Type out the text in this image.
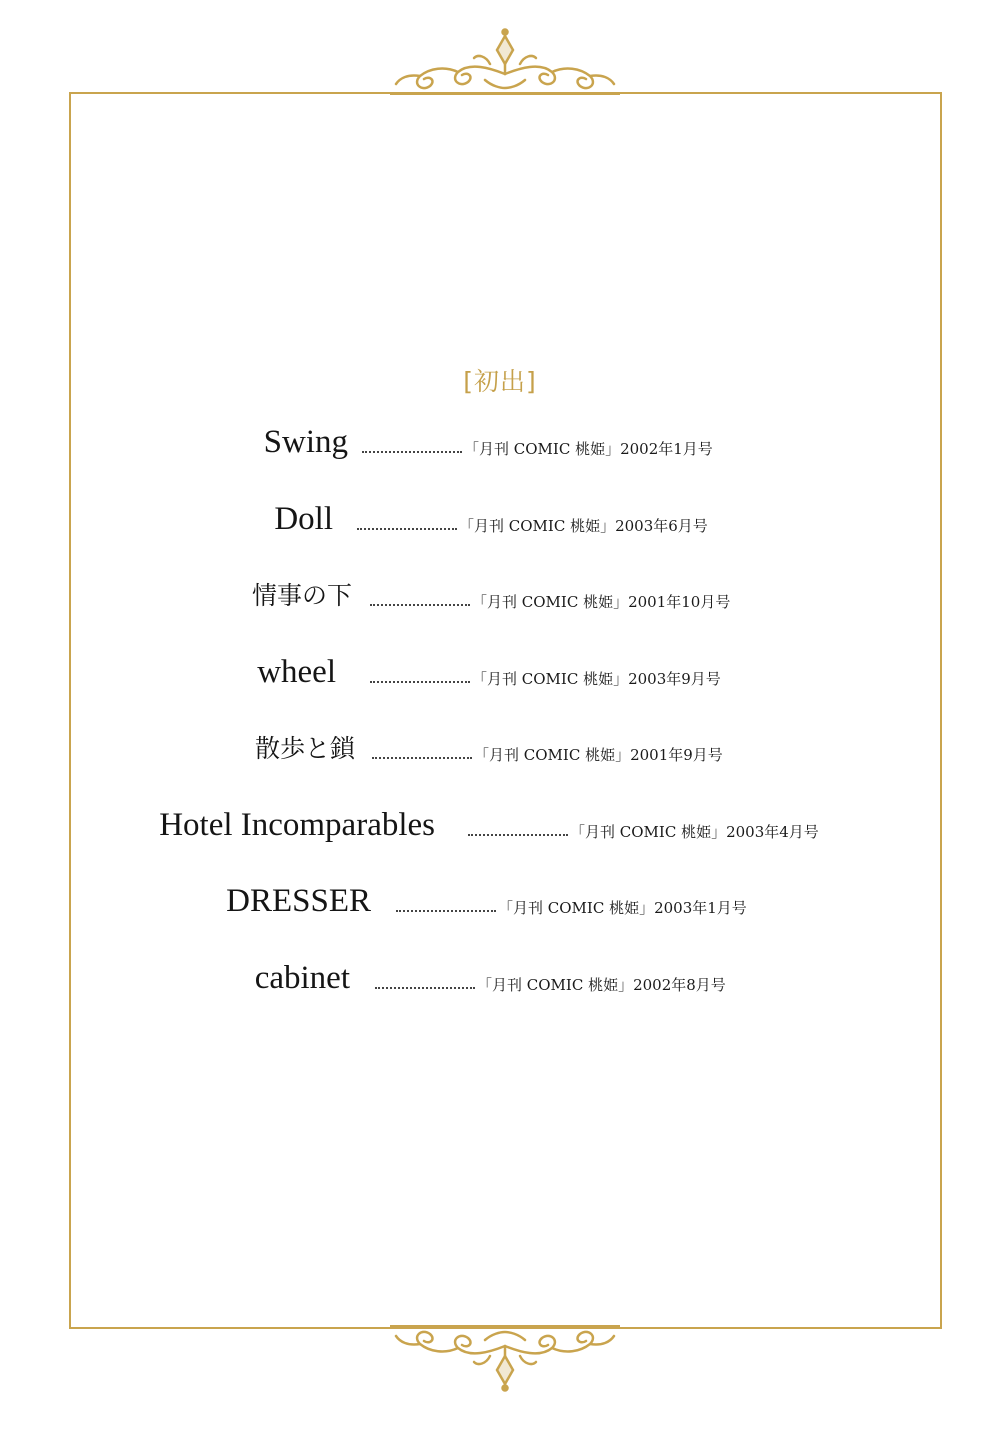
[初出]
Swing	「月刊 COMIC 桃姫」2002年1月号
Doll	「月刊 COMIC 桃姫」2003年6月号
情事の下	「月刊 COMIC 桃姫」2001年10月号
wheel	「月刊 COMIC 桃姫」2003年9月号
散歩と鎖	「月刊 COMIC 桃姫」2001年9月号
Hotel Incomparables	「月刊 COMIC 桃姫」2003年4月号
DRESSER	「月刊 COMIC 桃姫」2003年1月号
cabinet	「月刊 COMIC 桃姫」2002年8月号
